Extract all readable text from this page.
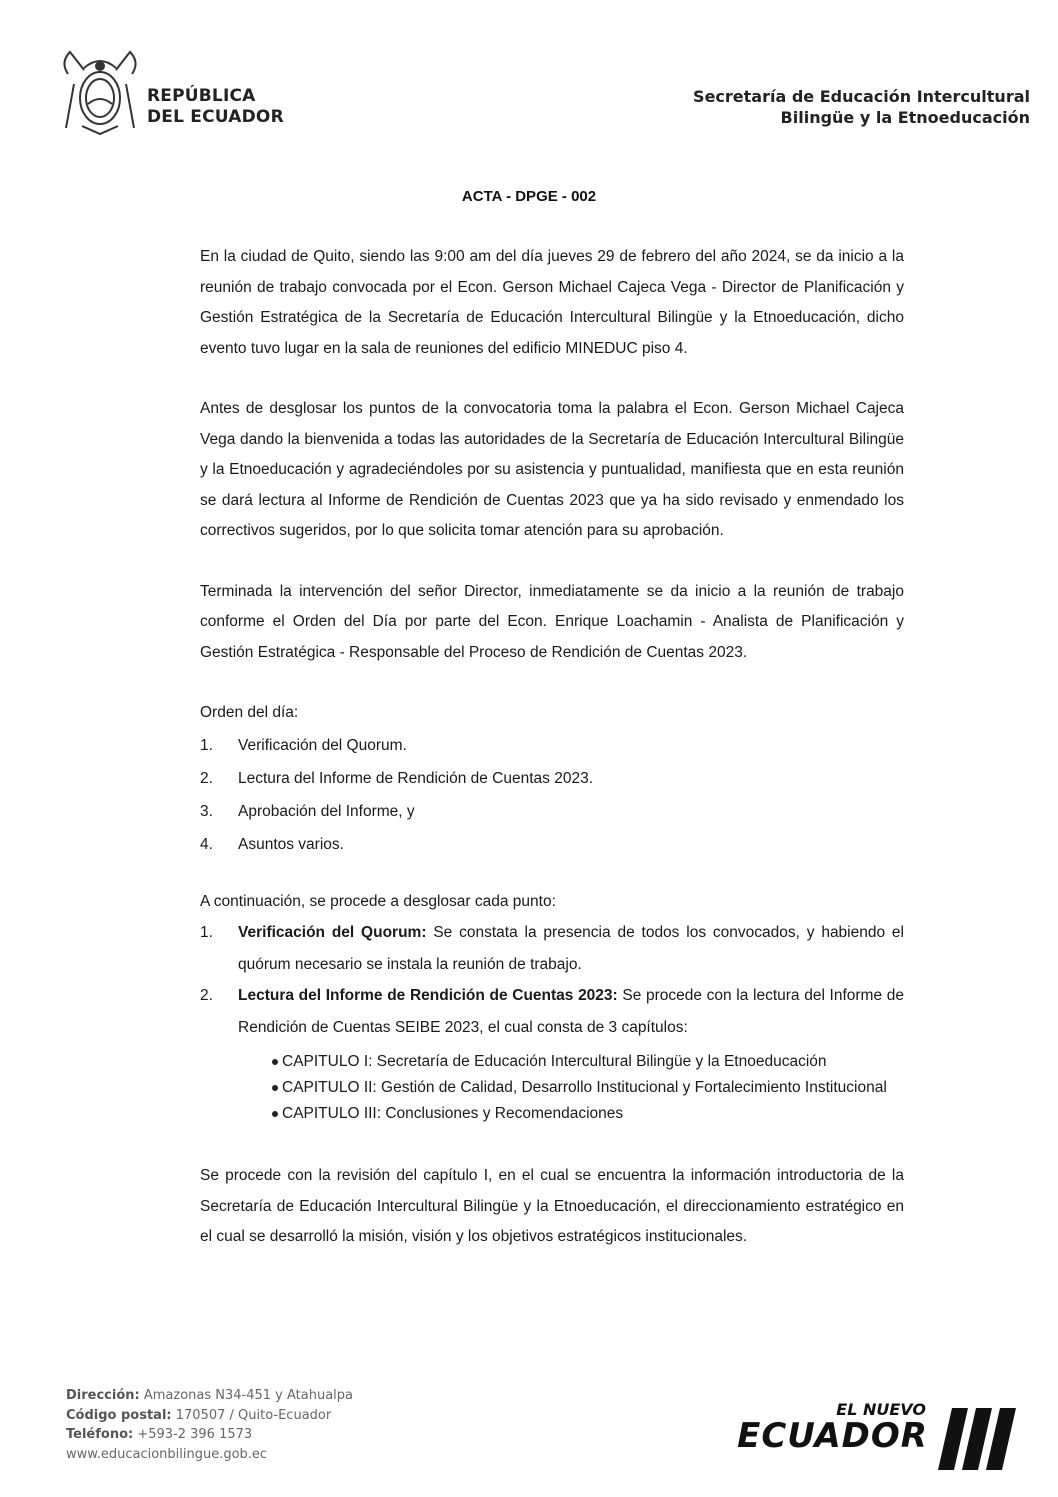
REPÚBLICA
DEL ECUADOR
Secretaría de Educación Intercultural
Bilingüe y la Etnoeducación
ACTA - DPGE - 002

En la ciudad de Quito, siendo las 9:00 am del día jueves 29 de febrero del año 2024, se da inicio a la reunión de trabajo convocada por el Econ. Gerson Michael Cajeca Vega - Director de Planificación y Gestión Estratégica de la Secretaría de Educación Intercultural Bilingüe y la Etnoeducación, dicho evento tuvo lugar en la sala de reuniones del edificio MINEDUC piso 4.

Antes de desglosar los puntos de la convocatoria toma la palabra el Econ. Gerson Michael Cajeca Vega dando la bienvenida a todas las autoridades de la Secretaría de Educación Intercultural Bilingüe y la Etnoeducación y agradeciéndoles por su asistencia y puntualidad, manifiesta que en esta reunión se dará lectura al Informe de Rendición de Cuentas 2023 que ya ha sido revisado y enmendado los correctivos sugeridos, por lo que solicita tomar atención para su aprobación.

Terminada la intervención del señor Director, inmediatamente se da inicio a la reunión de trabajo conforme el Orden del Día por parte del Econ. Enrique Loachamin - Analista de Planificación y Gestión Estratégica - Responsable del Proceso de Rendición de Cuentas 2023.

Orden del día:
1. Verificación del Quorum.
2. Lectura del Informe de Rendición de Cuentas 2023.
3. Aprobación del Informe, y
4. Asuntos varios.
A continuación, se procede a desglosar cada punto:
1. Verificación del Quorum: Se constata la presencia de todos los convocados, y habiendo el quórum necesario se instala la reunión de trabajo.
2. Lectura del Informe de Rendición de Cuentas 2023: Se procede con la lectura del Informe de Rendición de Cuentas SEIBE 2023, el cual consta de 3 capítulos:
CAPITULO I: Secretaría de Educación Intercultural Bilingüe y la Etnoeducación
CAPITULO II: Gestión de Calidad, Desarrollo Institucional y Fortalecimiento Institucional
CAPITULO III: Conclusiones y Recomendaciones

Se procede con la revisión del capítulo I, en el cual se encuentra la información introductoria de la Secretaría de Educación Intercultural Bilingüe y la Etnoeducación, el direccionamiento estratégico en el cual se desarrolló la misión, visión y los objetivos estratégicos institucionales.

Dirección: Amazonas N34-451 y Atahualpa
Código postal: 170507 / Quito-Ecuador
Teléfono: +593-2 396 1573
www.educacionbilingue.gob.ec
EL NUEVO
ECUADOR
